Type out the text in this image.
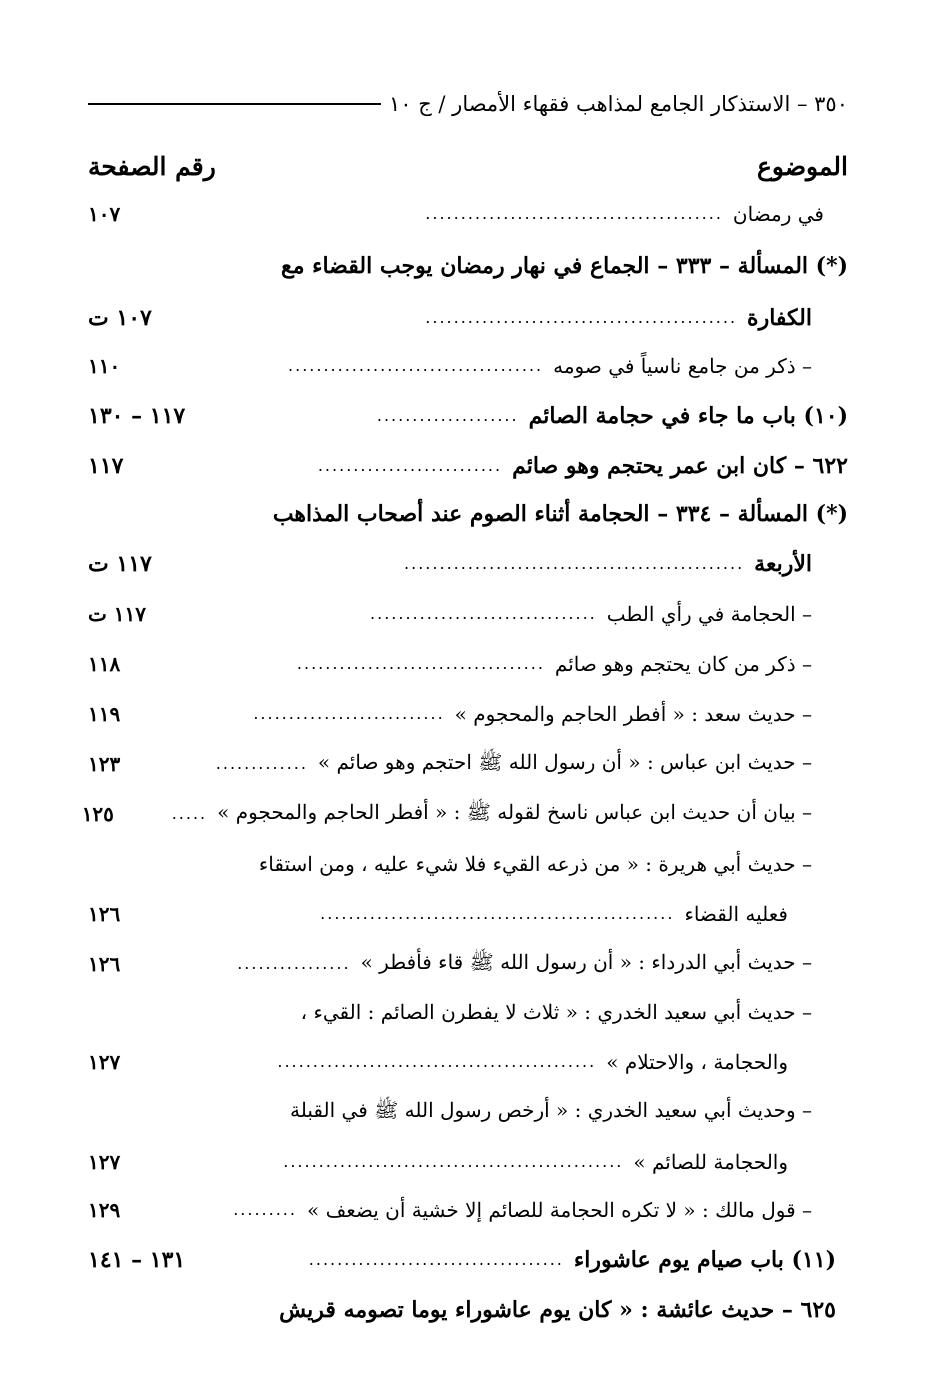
٣٥٠ – الاستذكار الجامع لمذاهب فقهاء الأمصار / ج ١٠
الموضوع
رقم الصفحة
في رمضان
..........................................
١٠٧
(*) المسألة – ٣٣٣ – الجماع في نهار رمضان يوجب القضاء مع
الكفارة
............................................
١٠٧ ت
– ذكر من جامع ناسياً في صومه
....................................
١١٠
(١٠) باب ما جاء في حجامة الصائم
....................
١١٧ – ١٣٠
٦٢٢ – كان ابن عمر يحتجم وهو صائم
..........................
١١٧
(*) المسألة – ٣٣٤ – الحجامة أثناء الصوم عند أصحاب المذاهب
الأربعة
................................................
١١٧ ت
– الحجامة في رأي الطب
................................
١١٧ ت
– ذكر من كان يحتجم وهو صائم
...................................
١١٨
– حديث سعد : « أفطر الحاجم والمحجوم »
...........................
١١٩
– حديث ابن عباس : « أن رسول الله ﷺ احتجم وهو صائم »
.............
١٢٣
– بيان أن حديث ابن عباس ناسخ لقوله ﷺ : « أفطر الحاجم والمحجوم »
.....
١٢٥
– حديث أبي هريرة : « من ذرعه القيء فلا شيء عليه ، ومن استقاء
فعليه القضاء
..................................................
١٢٦
– حديث أبي الدرداء : « أن رسول الله ﷺ قاء فأفطر »
................
١٢٦
– حديث أبي سعيد الخدري : « ثلاث لا يفطرن الصائم : القيء ،
والحجامة ، والاحتلام »
.............................................
١٢٧
– وحديث أبي سعيد الخدري : « أرخص رسول الله ﷺ في القبلة
والحجامة للصائم »
................................................
١٢٧
– قول مالك : « لا تكره الحجامة للصائم إلا خشية أن يضعف »
.........
١٢٩
(١١) باب صيام يوم عاشوراء
....................................
١٣١ – ١٤١
٦٢٥ – حديث عائشة : « كان يوم عاشوراء يوما تصومه قريش
